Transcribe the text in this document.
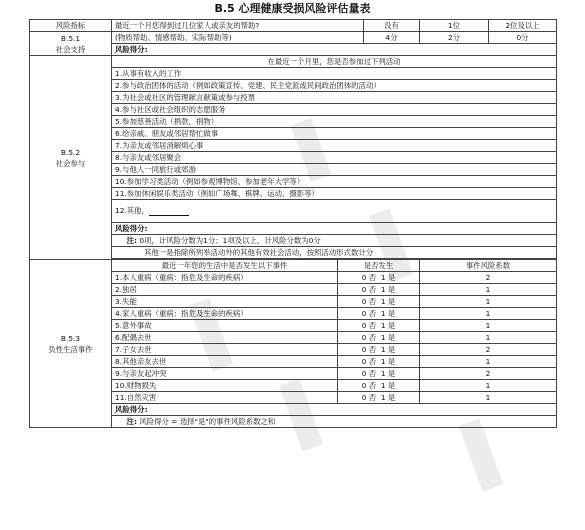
B.5 心理健康受损风险评估量表
风险指标	最近一个月您得到过几位家人或亲友的帮助?		没有	1位	2位及以上

B.5.1
社会支持	(物质帮助、情感帮助、实际帮助等)		4分	2分	0分
	风险得分:				

B.5.2
社会参与	在最近一个月里，您是否参加过下列活动				
	1.从事有收入的工作				
	2.参与政治团体的活动（例如政策宣传、党建、民主党派或民间政治团体的活动）				
	3.为社会或社区的管理献言献策或参与投票				
	4.参与社区或社会组织的志愿服务				
	5.参加慈善活动（捐款，捐物）				
	6.给亲戚、朋友或邻居帮忙做事				
	7.为亲友或邻居消解烦心事				
	8.与亲友或邻居聚会				
	9.与他人一同旅行或郊游				
	10.参加学习类活动（例如参观博物馆、参加老年大学等）				
	11.参加休闲娱乐类活动（例如广场舞、棋牌、运动、摄影等）				
	12.其他，				
	风险得分:				
	注: 0项，计风险分数为1分；1项及以上，计风险分数为0分				
	其他一是指除所列举活动外的其他有效社会活动，按照活动形式数计分				

B.5.3
负性生活事件	最近一年您的生活中是否发生以下事件	是否发生		事件风险系数	
	1.本人重病（重病：指危及生命的疾病）	0 否 1 是		2	
	2.独居	0 否 1 是		1	
	3.失能	0 否 1 是		1	
	4.家人重病（重病：指危及生命的疾病）	0 否 1 是		1	
	5.意外事故	0 否 1 是		1	
	6.配偶去世	0 否 1 是		1	
	7.子女去世	0 否 1 是		2	
	8.其他亲友去世	0 否 1 是		1	
	9.与亲友起冲突	0 否 1 是		2	
	10.财物损失	0 否 1 是		1	
	11.自然灾害	0 否 1 是		1	
	风险得分:				
	注: 风险得分 = 选择"是"的事件风险系数之和				
